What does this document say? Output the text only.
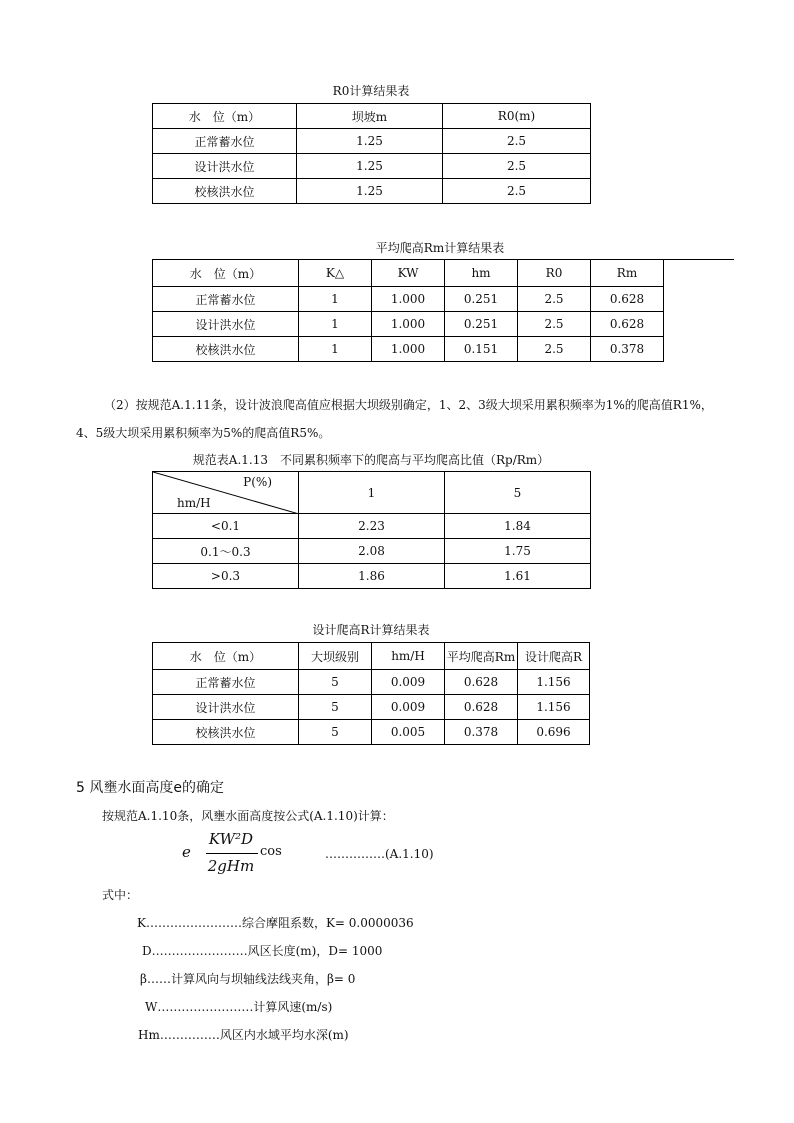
R0计算结果表
水　位（m）	坝坡m	R0(m)
正常蓄水位	1.25	2.5
设计洪水位	1.25	2.5
校核洪水位	1.25	2.5
平均爬高Rm计算结果表
水　位（m）	K△	KW	hm	R0	Rm
正常蓄水位	1	1.000	0.251	2.5	0.628
设计洪水位	1	1.000	0.251	2.5	0.628
校核洪水位	1	1.000	0.151	2.5	0.378
（2）按规范A.1.11条，设计波浪爬高值应根据大坝级别确定，1、2、3级大坝采用累积频率为1%的爬高值R1%，
4、5级大坝采用累积频率为5%的爬高值R5%。
规范表A.1.13　不同累积频率下的爬高与平均爬高比值（Rp/Rm）
P(%)
hm/H	1	5
<0.1	2.23	1.84
0.1～0.3	2.08	1.75
>0.3	1.86	1.61
设计爬高R计算结果表
水　位（m）	大坝级别	hm/H	平均爬高Rm	设计爬高R
正常蓄水位	5	0.009	0.628	1.156
设计洪水位	5	0.009	0.628	1.156
校核洪水位	5	0.005	0.378	0.696
5 风壅水面高度e的确定
按规范A.1.10条，风壅水面高度按公式(A.1.10)计算：
e
KW²D
2gHm
cos	……………(A.1.10)
式中：
K……………………综合摩阻系数，K= 0.0000036
D……………………风区长度(m)，D= 1000
β……计算风向与坝轴线法线夹角，β= 0
W……………………计算风速(m/s)
Hm……………风区内水域平均水深(m)
